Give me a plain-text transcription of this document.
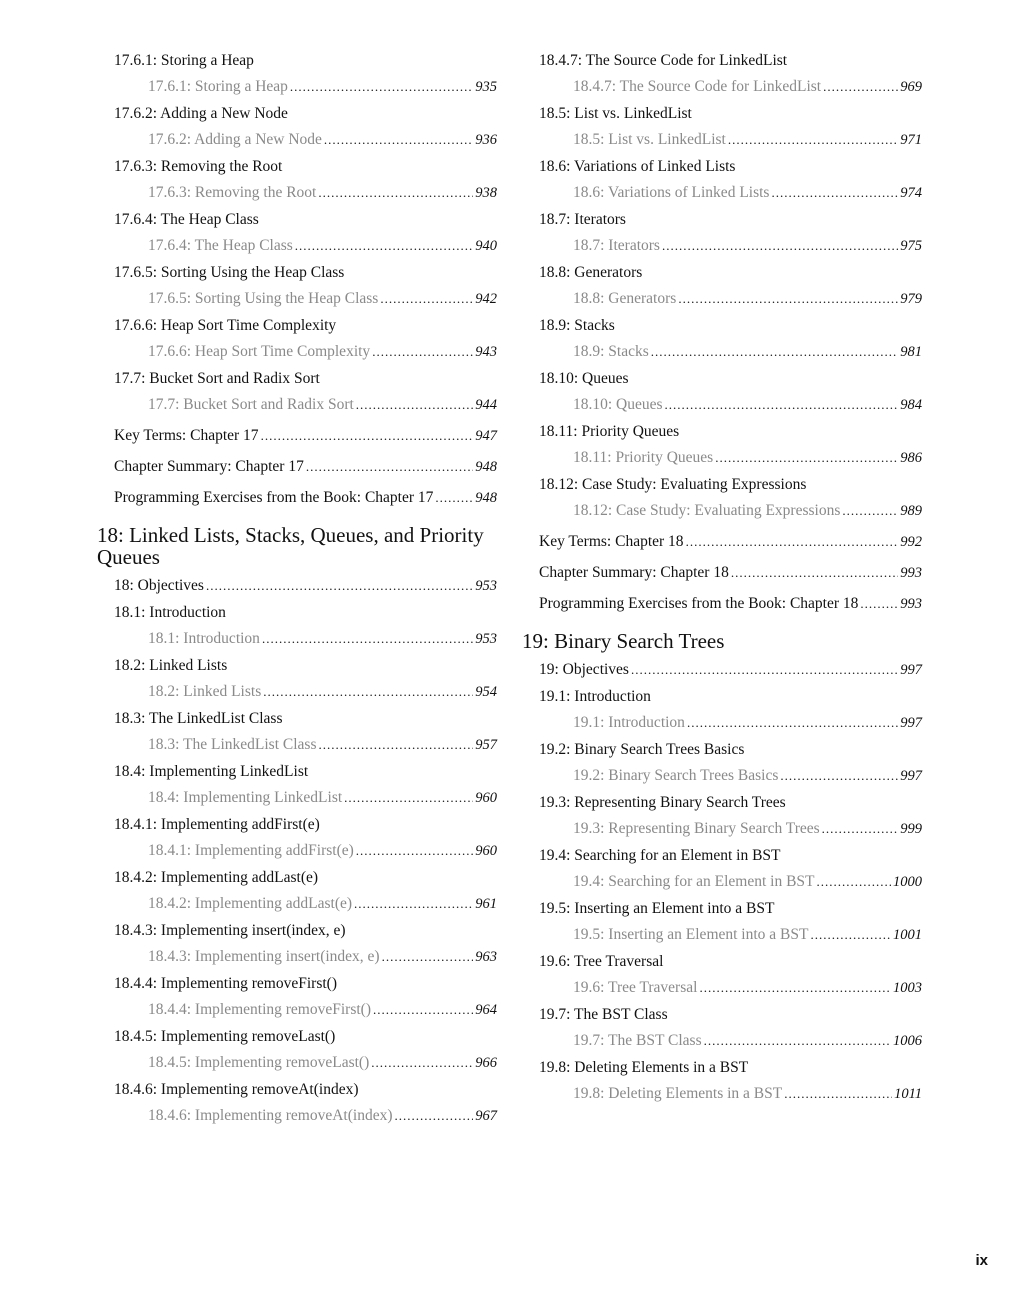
17.6.1: Storing a Heap
17.6.1: Storing a Heap .....	935
17.6.2: Adding a New Node
17.6.2: Adding a New Node .....	936
17.6.3: Removing the Root
17.6.3: Removing the Root .....	938
17.6.4: The Heap Class
17.6.4: The Heap Class .....	940
17.6.5: Sorting Using the Heap Class
17.6.5: Sorting Using the Heap Class .....	942
17.6.6: Heap Sort Time Complexity
17.6.6: Heap Sort Time Complexity .....	943
17.7: Bucket Sort and Radix Sort
17.7: Bucket Sort and Radix Sort .....	944
Key Terms: Chapter 17 .....	947
Chapter Summary: Chapter 17 .....	948
Programming Exercises from the Book: Chapter 17 .....	948
18: Linked Lists, Stacks, Queues, and Priority Queues
18: Objectives .....	953
18.1: Introduction
18.1: Introduction .....	953
18.2: Linked Lists
18.2: Linked Lists .....	954
18.3: The LinkedList Class
18.3: The LinkedList Class .....	957
18.4: Implementing LinkedList
18.4: Implementing LinkedList .....	960
18.4.1: Implementing addFirst(e)
18.4.1: Implementing addFirst(e) .....	960
18.4.2: Implementing addLast(e)
18.4.2: Implementing addLast(e) .....	961
18.4.3: Implementing insert(index, e)
18.4.3: Implementing insert(index, e) .....	963
18.4.4: Implementing removeFirst()
18.4.4: Implementing removeFirst() .....	964
18.4.5: Implementing removeLast()
18.4.5: Implementing removeLast() .....	966
18.4.6: Implementing removeAt(index)
18.4.6: Implementing removeAt(index) .....	967
18.4.7: The Source Code for LinkedList
18.4.7: The Source Code for LinkedList .....	969
18.5: List vs. LinkedList
18.5: List vs. LinkedList .....	971
18.6: Variations of Linked Lists
18.6: Variations of Linked Lists .....	974
18.7: Iterators
18.7: Iterators .....	975
18.8: Generators
18.8: Generators .....	979
18.9: Stacks
18.9: Stacks .....	981
18.10: Queues
18.10: Queues .....	984
18.11: Priority Queues
18.11: Priority Queues .....	986
18.12: Case Study: Evaluating Expressions
18.12: Case Study: Evaluating Expressions .....	989
Key Terms: Chapter 18 .....	992
Chapter Summary: Chapter 18 .....	993
Programming Exercises from the Book: Chapter 18 .....	993
19: Binary Search Trees
19: Objectives .....	997
19.1: Introduction
19.1: Introduction .....	997
19.2: Binary Search Trees Basics
19.2: Binary Search Trees Basics .....	997
19.3: Representing Binary Search Trees
19.3: Representing Binary Search Trees .....	999
19.4: Searching for an Element in BST
19.4: Searching for an Element in BST .....	1000
19.5: Inserting an Element into a BST
19.5: Inserting an Element into a BST .....	1001
19.6: Tree Traversal
19.6: Tree Traversal .....	1003
19.7: The BST Class
19.7: The BST Class .....	1006
19.8: Deleting Elements in a BST
19.8: Deleting Elements in a BST .....	1011
ix
